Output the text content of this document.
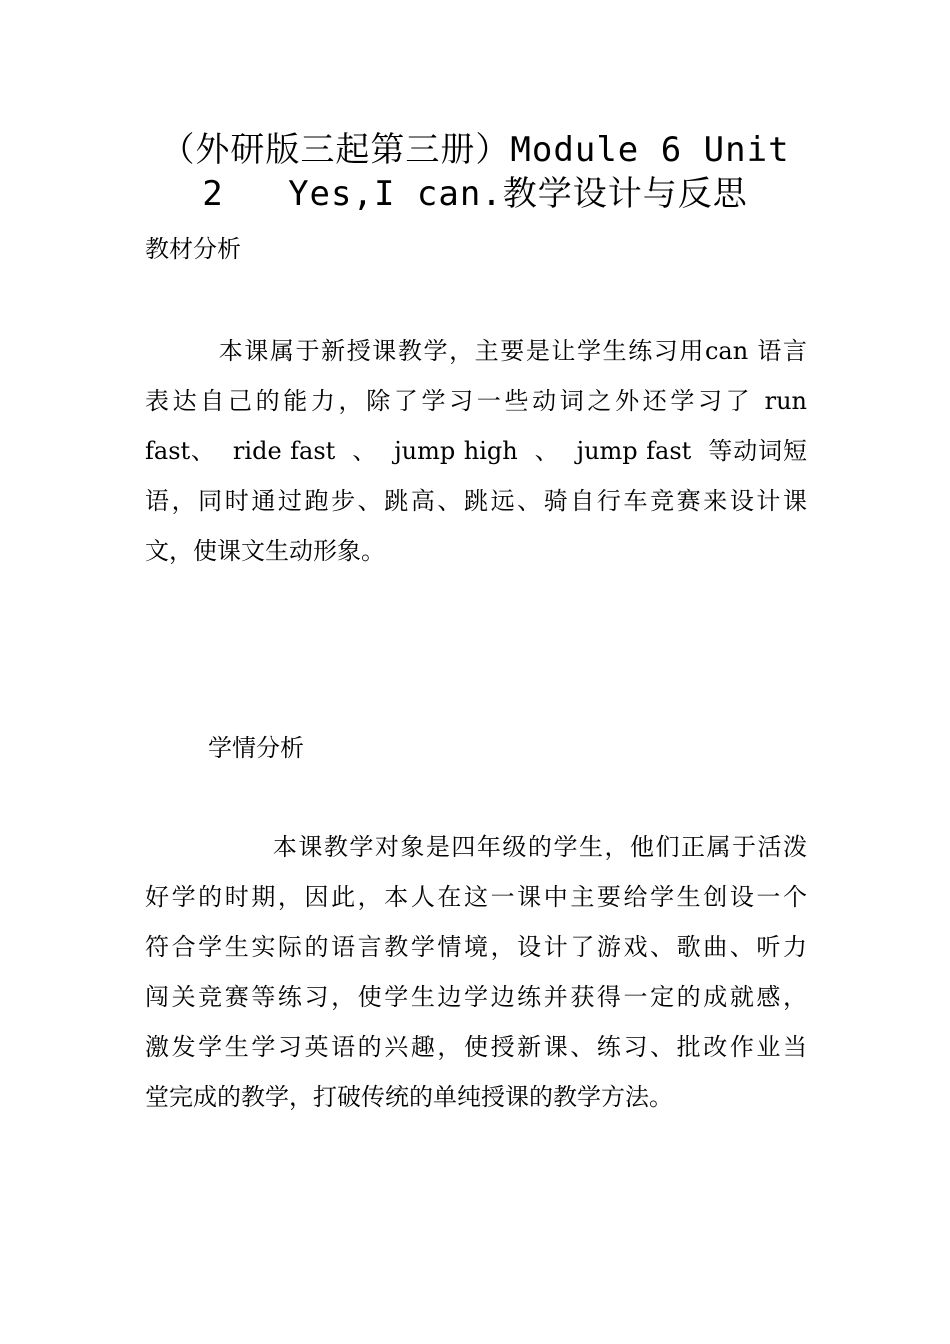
（外研版三起第三册）Module 6 Unit
2   Yes,I can.教学设计与反思
教材分析

本课属于新授课教学，主要是让学生练习用can 语言
表达自己的能力，除了学习一些动词之外还学习了 run
fast、  ride fast  、  jump high  、  jump fast  等动词短
语，同时通过跑步、跳高、跳远、骑自行车竞赛来设计课
文，使课文生动形象。

学情分析

本课教学对象是四年级的学生，他们正属于活泼
好学的时期，因此，本人在这一课中主要给学生创设一个
符合学生实际的语言教学情境，设计了游戏、歌曲、听力
闯关竞赛等练习，使学生边学边练并获得一定的成就感，
激发学生学习英语的兴趣，使授新课、练习、批改作业当
堂完成的教学，打破传统的单纯授课的教学方法。
